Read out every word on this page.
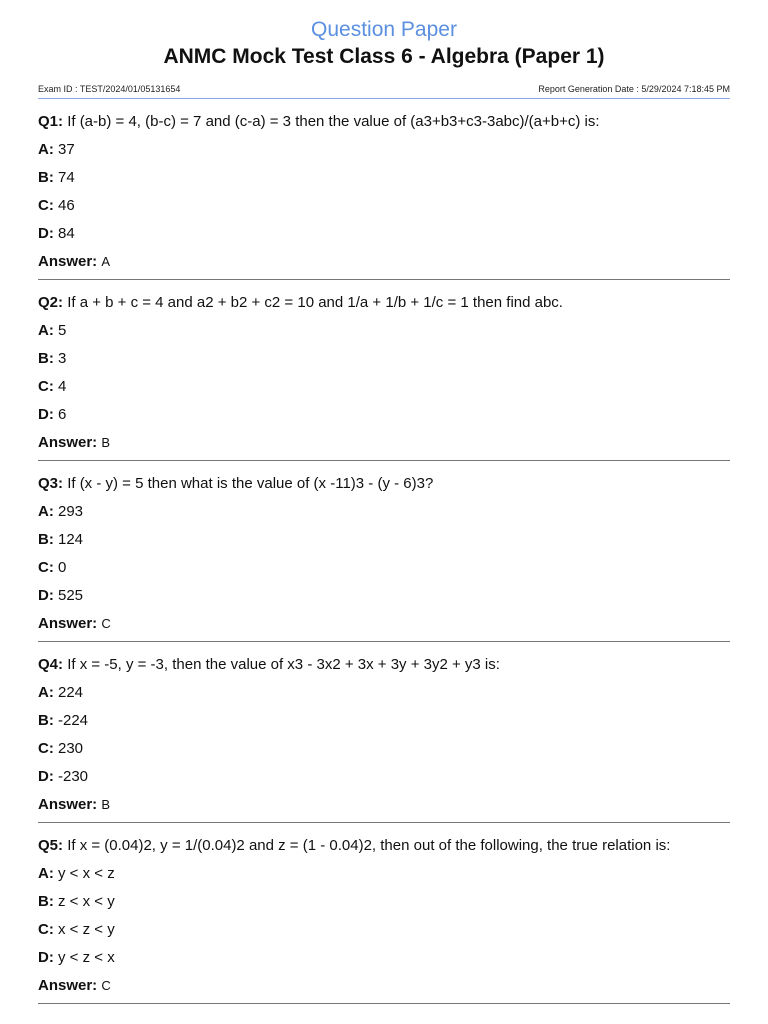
Question Paper
ANMC Mock Test Class 6 - Algebra (Paper 1)
Exam ID : TEST/2024/01/05131654	Report Generation Date : 5/29/2024 7:18:45 PM
Q1: If (a-b) = 4, (b-c) = 7 and (c-a) = 3 then the value of (a3+b3+c3-3abc)/(a+b+c) is:
A: 37
B: 74
C: 46
D: 84
Answer: A
Q2: If a + b + c = 4 and a2 + b2 + c2 = 10 and 1/a + 1/b + 1/c = 1 then find abc.
A: 5
B: 3
C: 4
D: 6
Answer: B
Q3: If (x - y) = 5 then what is the value of (x -11)3 - (y - 6)3?
A: 293
B: 124
C: 0
D: 525
Answer: C
Q4: If x = -5, y = -3, then the value of x3 - 3x2 + 3x + 3y + 3y2 + y3 is:
A: 224
B: -224
C: 230
D: -230
Answer: B
Q5: If x = (0.04)2, y = 1/(0.04)2 and z = (1 - 0.04)2, then out of the following, the true relation is:
A: y < x < z
B: z < x < y
C: x < z < y
D: y < z < x
Answer: C
